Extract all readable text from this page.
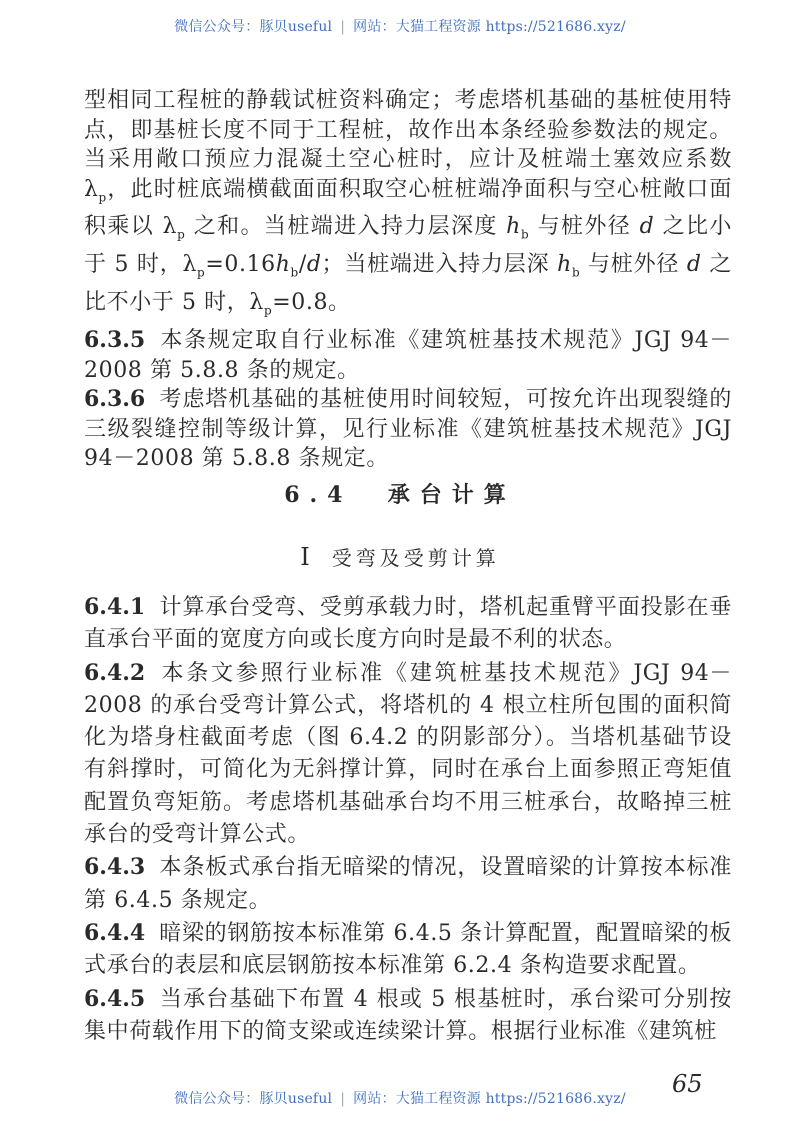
微信公众号：豚贝useful | 网站：大猫工程资源 https://521686.xyz/

型相同工程桩的静载试桩资料确定；考虑塔机基础的基桩使用特点，即基桩长度不同于工程桩，故作出本条经验参数法的规定。当采用敞口预应力混凝土空心桩时，应计及桩端土塞效应系数 $\lambda_p$，此时桩底端横截面面积取空心桩桩端净面积与空心桩敞口面积乘以 $\lambda_p$ 之和。当桩端进入持力层深度 $h_b$ 与桩外径 d 之比小于 5 时，$\lambda_p=0.16h_b/d$；当桩端进入持力层深 $h_b$ 与桩外径 d 之比不小于 5 时，$\lambda_p=0.8$。

6.3.5 本条规定取自行业标准《建筑桩基技术规范》JGJ 94－2008 第 5.8.8 条的规定。

6.3.6 考虑塔机基础的基桩使用时间较短，可按允许出现裂缝的三级裂缝控制等级计算，见行业标准《建筑桩基技术规范》JGJ 94－2008 第 5.8.8 条规定。

6.4  承台计算
Ⅰ 受弯及受剪计算

6.4.1 计算承台受弯、受剪承载力时，塔机起重臂平面投影在垂直承台平面的宽度方向或长度方向时是最不利的状态。

6.4.2 本条文参照行业标准《建筑桩基技术规范》JGJ 94－2008 的承台受弯计算公式，将塔机的 4 根立柱所包围的面积简化为塔身柱截面考虑（图 6.4.2 的阴影部分）。当塔机基础节设有斜撑时，可简化为无斜撑计算，同时在承台上面参照正弯矩值配置负弯矩筋。考虑塔机基础承台均不用三桩承台，故略掉三桩承台的受弯计算公式。

6.4.3 本条板式承台指无暗梁的情况，设置暗梁的计算按本标准第 6.4.5 条规定。

6.4.4 暗梁的钢筋按本标准第 6.4.5 条计算配置，配置暗梁的板式承台的表层和底层钢筋按本标准第 6.2.4 条构造要求配置。

6.4.5 当承台基础下布置 4 根或 5 根基桩时，承台梁可分别按集中荷载作用下的简支梁或连续梁计算。根据行业标准《建筑桩

65
微信公众号：豚贝useful | 网站：大猫工程资源 https://521686.xyz/
